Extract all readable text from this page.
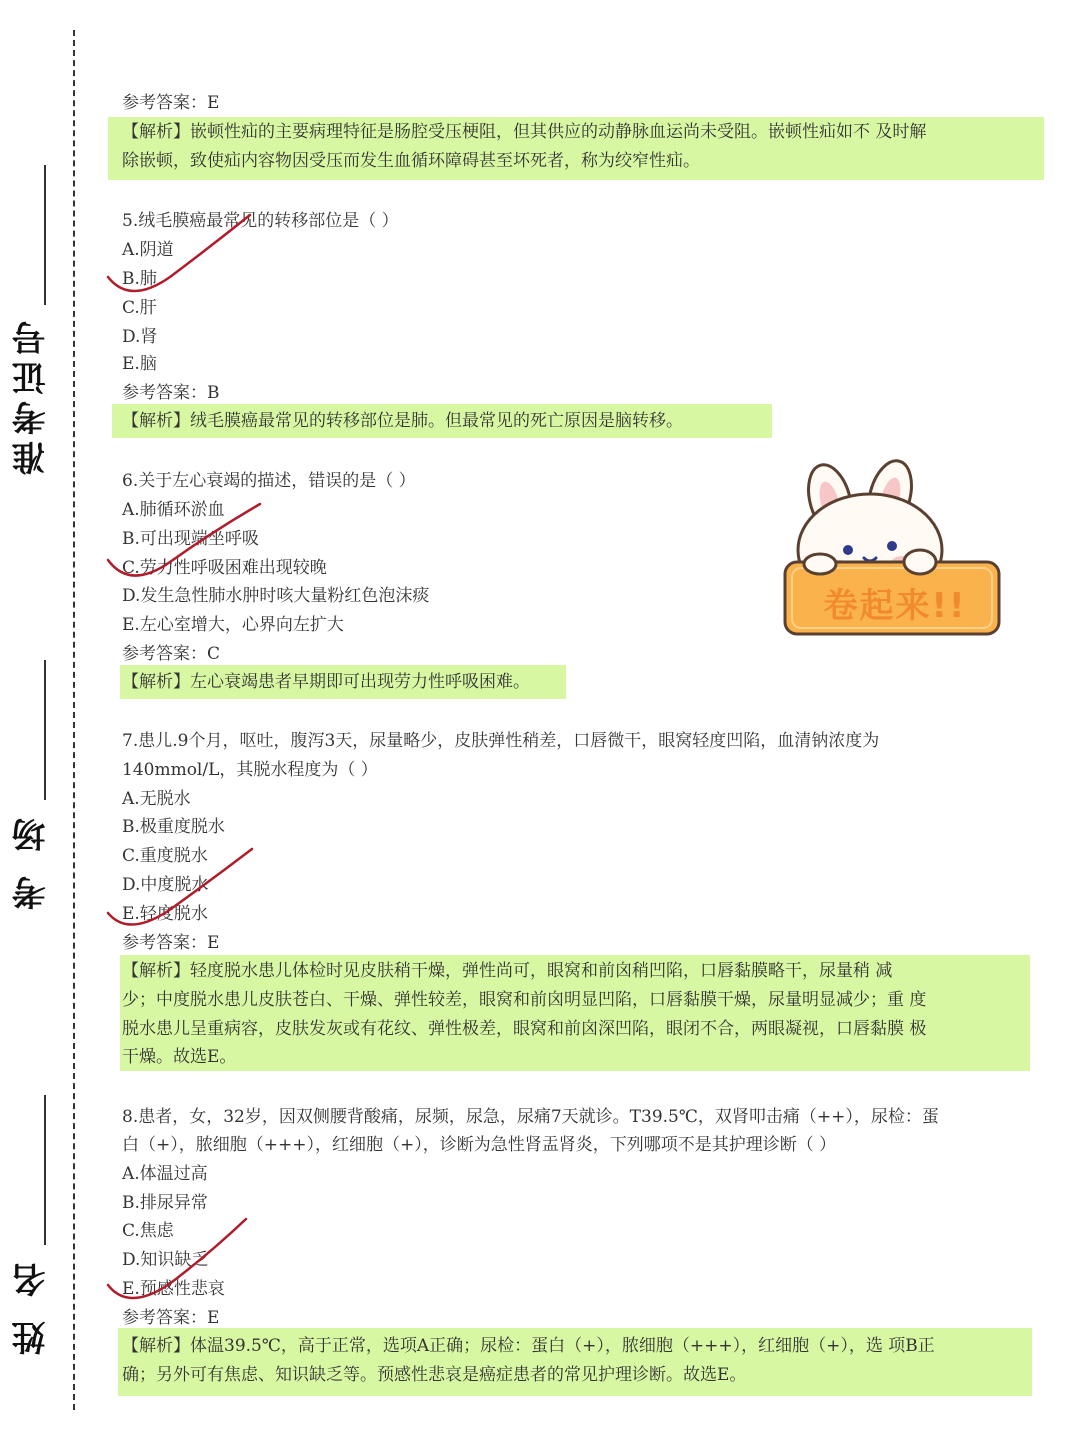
准考证号
考 场
姓 名
参考答案：E
【解析】嵌顿性疝的主要病理特征是肠腔受压梗阻，但其供应的动静脉血运尚未受阻。嵌顿性疝如不 及时解
除嵌顿，致使疝内容物因受压而发生血循环障碍甚至坏死者，称为绞窄性疝。
5.绒毛膜癌最常见的转移部位是（ ）
A.阴道
B.肺
C.肝
D.肾
E.脑
参考答案：B
【解析】绒毛膜癌最常见的转移部位是肺。但最常见的死亡原因是脑转移。
6.关于左心衰竭的描述，错误的是（ ）
A.肺循环淤血
B.可出现端坐呼吸
C.劳力性呼吸困难出现较晚
D.发生急性肺水肿时咳大量粉红色泡沫痰
E.左心室增大，心界向左扩大
参考答案：C
【解析】左心衰竭患者早期即可出现劳力性呼吸困难。
卷起来!!
7.患儿.9个月，呕吐，腹泻3天，尿量略少，皮肤弹性稍差，口唇微干，眼窝轻度凹陷，血清钠浓度为
140mmol/L，其脱水程度为（ ）
A.无脱水
B.极重度脱水
C.重度脱水
D.中度脱水
E.轻度脱水
参考答案：E
【解析】轻度脱水患儿体检时见皮肤稍干燥，弹性尚可，眼窝和前囟稍凹陷，口唇黏膜略干，尿量稍 减
少；中度脱水患儿皮肤苍白、干燥、弹性较差，眼窝和前囟明显凹陷，口唇黏膜干燥，尿量明显减少；重 度
脱水患儿呈重病容，皮肤发灰或有花纹、弹性极差，眼窝和前囟深凹陷，眼闭不合，两眼凝视，口唇黏膜 极
干燥。故选E。
8.患者，女，32岁，因双侧腰背酸痛，尿频，尿急，尿痛7天就诊。T39.5℃，双肾叩击痛（++），尿检：蛋
白（+），脓细胞（+++），红细胞（+），诊断为急性肾盂肾炎，下列哪项不是其护理诊断（ ）
A.体温过高
B.排尿异常
C.焦虑
D.知识缺乏
E.预感性悲哀
参考答案：E
【解析】体温39.5℃，高于正常，选项A正确；尿检：蛋白（+），脓细胞（+++），红细胞（+），选 项B正
确；另外可有焦虑、知识缺乏等。预感性悲哀是癌症患者的常见护理诊断。故选E。
